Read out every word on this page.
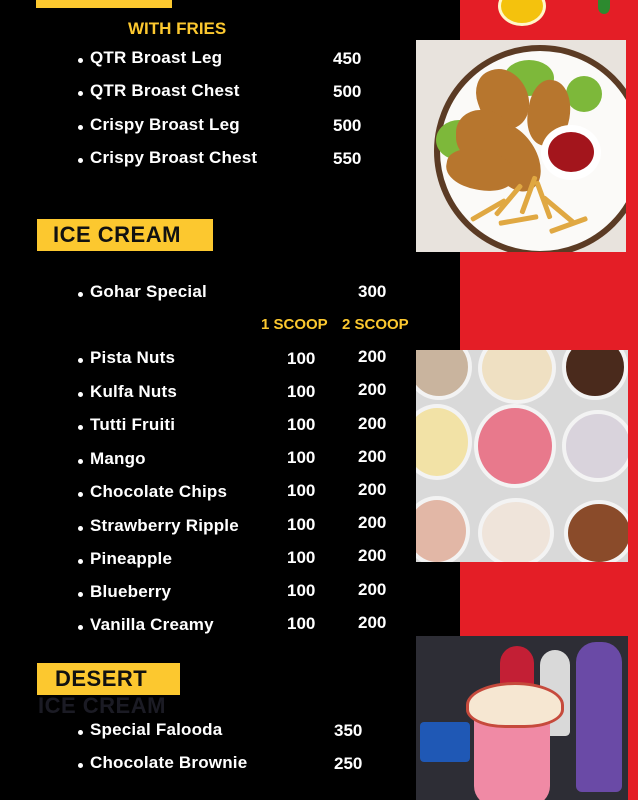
WITH FRIES
QTR Broast Leg	450
QTR Broast Chest	500
Crispy Broast Leg	500
Crispy Broast Chest	550
ICE CREAM
Gohar Special	300
1 SCOOP 2 SCOOP
Pista Nuts	100	200
Kulfa Nuts	100	200
Tutti Fruiti	100	200
Mango	100	200
Chocolate Chips	100	200
Strawberry Ripple	100	200
Pineapple	100	200
Blueberry	100	200
Vanilla Creamy	100	200
DESERT
ICE CREAM
Special Falooda	350
Chocolate Brownie	250
